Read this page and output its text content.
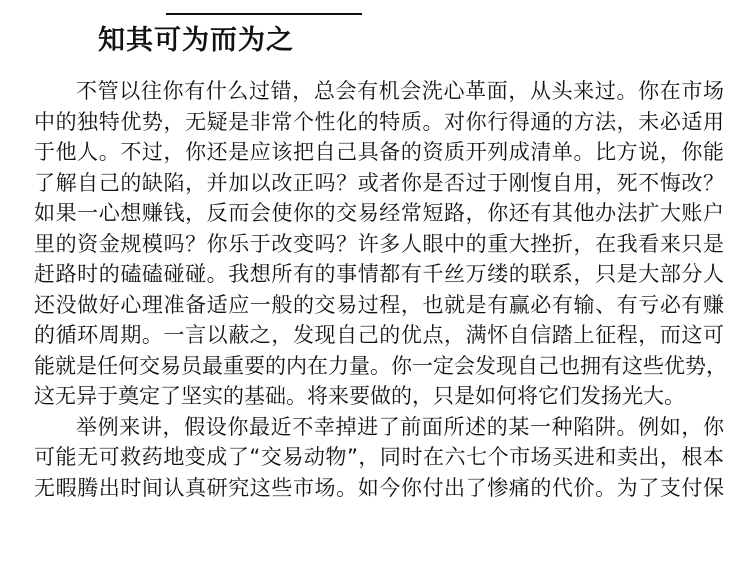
知其可为而为之
不管以往你有什么过错，总会有机会洗心革面，从头来过。你在市场
中的独特优势，无疑是非常个性化的特质。对你行得通的方法，未必适用
于他人。不过，你还是应该把自己具备的资质开列成清单。比方说，你能
了解自己的缺陷，并加以改正吗？或者你是否过于刚愎自用，死不悔改？
如果一心想赚钱，反而会使你的交易经常短路，你还有其他办法扩大账户
里的资金规模吗？你乐于改变吗？许多人眼中的重大挫折，在我看来只是
赶路时的磕磕碰碰。我想所有的事情都有千丝万缕的联系，只是大部分人
还没做好心理准备适应一般的交易过程，也就是有赢必有输、有亏必有赚
的循环周期。一言以蔽之，发现自己的优点，满怀自信踏上征程，而这可
能就是任何交易员最重要的内在力量。你一定会发现自己也拥有这些优势，
这无异于奠定了坚实的基础。将来要做的，只是如何将它们发扬光大。
举例来讲，假设你最近不幸掉进了前面所述的某一种陷阱。例如，你
可能无可救药地变成了“交易动物”，同时在六七个市场买进和卖出，根本
无暇腾出时间认真研究这些市场。如今你付出了惨痛的代价。为了支付保
